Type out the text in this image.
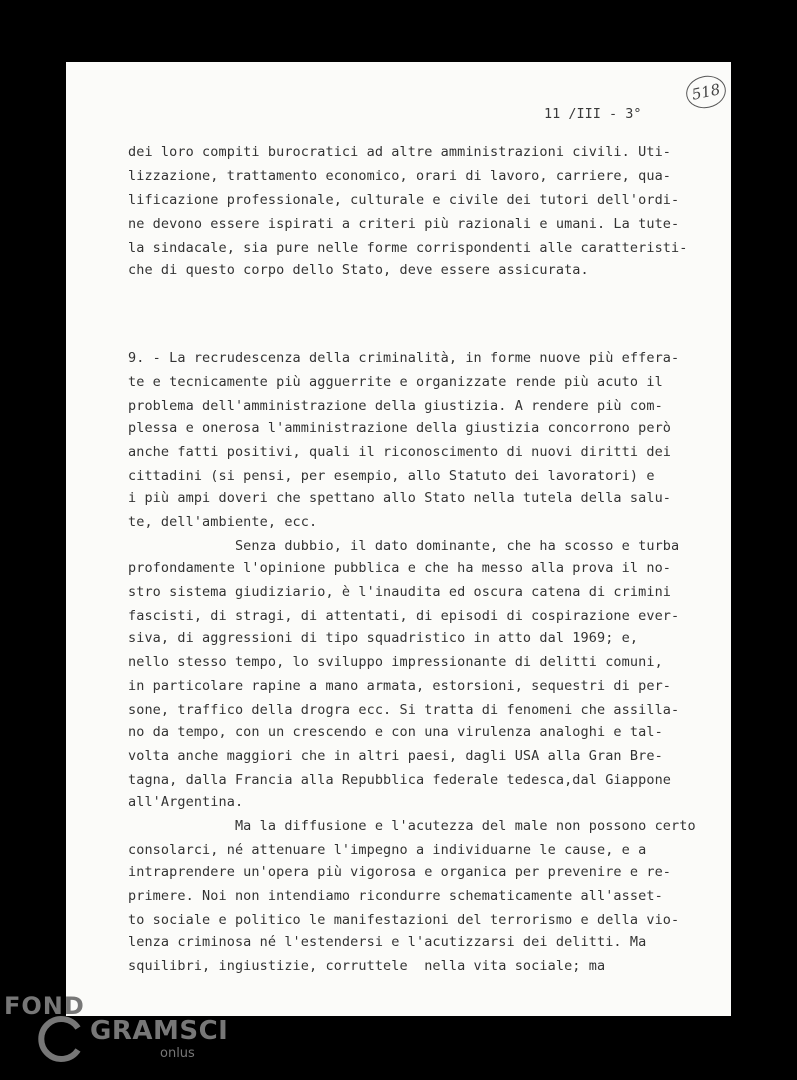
518
11 /III - 3°
dei loro compiti burocratici ad altre amministrazioni civili. Uti-
lizzazione, trattamento economico, orari di lavoro, carriere, qua-
lificazione professionale, culturale e civile dei tutori dell'ordi-
ne devono essere ispirati a criteri più razionali e umani. La tute-
la sindacale, sia pure nelle forme corrispondenti alle caratteristi-
che di questo corpo dello Stato, deve essere assicurata.
9. - La recrudescenza della criminalità, in forme nuove più effera-
te e tecnicamente più agguerrite e organizzate rende più acuto il
problema dell'amministrazione della giustizia. A rendere più com-
plessa e onerosa l'amministrazione della giustizia concorrono però
anche fatti positivi, quali il riconoscimento di nuovi diritti dei
cittadini (si pensi, per esempio, allo Statuto dei lavoratori) e
i più ampi doveri che spettano allo Stato nella tutela della salu-
te, dell'ambiente, ecc.
Senza dubbio, il dato dominante, che ha scosso e turba
profondamente l'opinione pubblica e che ha messo alla prova il no-
stro sistema giudiziario, è l'inaudita ed oscura catena di crimini
fascisti, di stragi, di attentati, di episodi di cospirazione ever-
siva, di aggressioni di tipo squadristico in atto dal 1969; e,
nello stesso tempo, lo sviluppo impressionante di delitti comuni,
in particolare rapine a mano armata, estorsioni, sequestri di per-
sone, traffico della drogra ecc. Si tratta di fenomeni che assilla-
no da tempo, con un crescendo e con una virulenza analoghi e tal-
volta anche maggiori che in altri paesi, dagli USA alla Gran Bre-
tagna, dalla Francia alla Repubblica federale tedesca,dal Giappone
all'Argentina.
Ma la diffusione e l'acutezza del male non possono certo
consolarci, né attenuare l'impegno a individuarne le cause, e a
intraprendere un'opera più vigorosa e organica per prevenire e re-
primere. Noi non intendiamo ricondurre schematicamente all'asset-
to sociale e politico le manifestazioni del terrorismo e della vio-
lenza criminosa né l'estendersi e l'acutizzarsi dei delitti. Ma
squilibri, ingiustizie, corruttele  nella vita sociale; ma
FOND
GRAMSCI
onlus
